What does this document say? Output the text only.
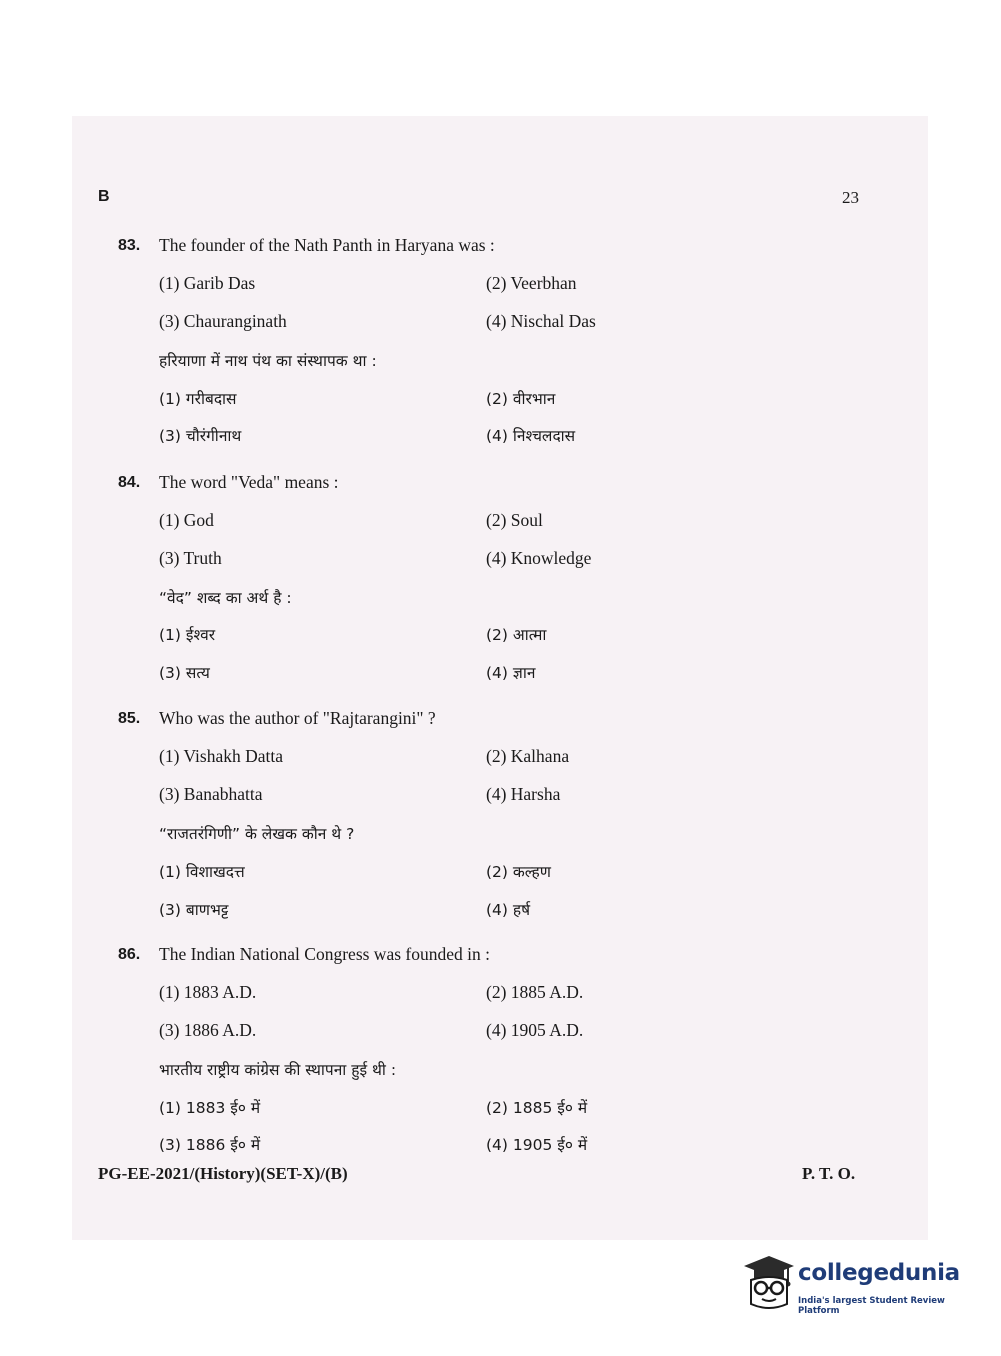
B	23
83. The founder of the Nath Panth in Haryana was :
(1) Garib Das	(2) Veerbhan
(3) Chauranginath	(4) Nischal Das
हरियाणा में नाथ पंथ का संस्थापक था :
(1) गरीबदास	(2) वीरभान
(3) चौरंगीनाथ	(4) निश्चलदास
84. The word "Veda" means :
(1) God	(2) Soul
(3) Truth	(4) Knowledge
“वेद” शब्द का अर्थ है :
(1) ईश्वर	(2) आत्मा
(3) सत्य	(4) ज्ञान
85. Who was the author of "Rajtarangini" ?
(1) Vishakh Datta	(2) Kalhana
(3) Banabhatta	(4) Harsha
“राजतरंगिणी” के लेखक कौन थे ?
(1) विशाखदत्त	(2) कल्हण
(3) बाणभट्ट	(4) हर्ष
86. The Indian National Congress was founded in :
(1) 1883 A.D.	(2) 1885 A.D.
(3) 1886 A.D.	(4) 1905 A.D.
भारतीय राष्ट्रीय कांग्रेस की स्थापना हुई थी :
(1) 1883 ई० में	(2) 1885 ई० में
(3) 1886 ई० में	(4) 1905 ई० में
PG-EE-2021/(History)(SET-X)/(B)	P. T. O.
collegedunia
India's largest Student Review Platform
